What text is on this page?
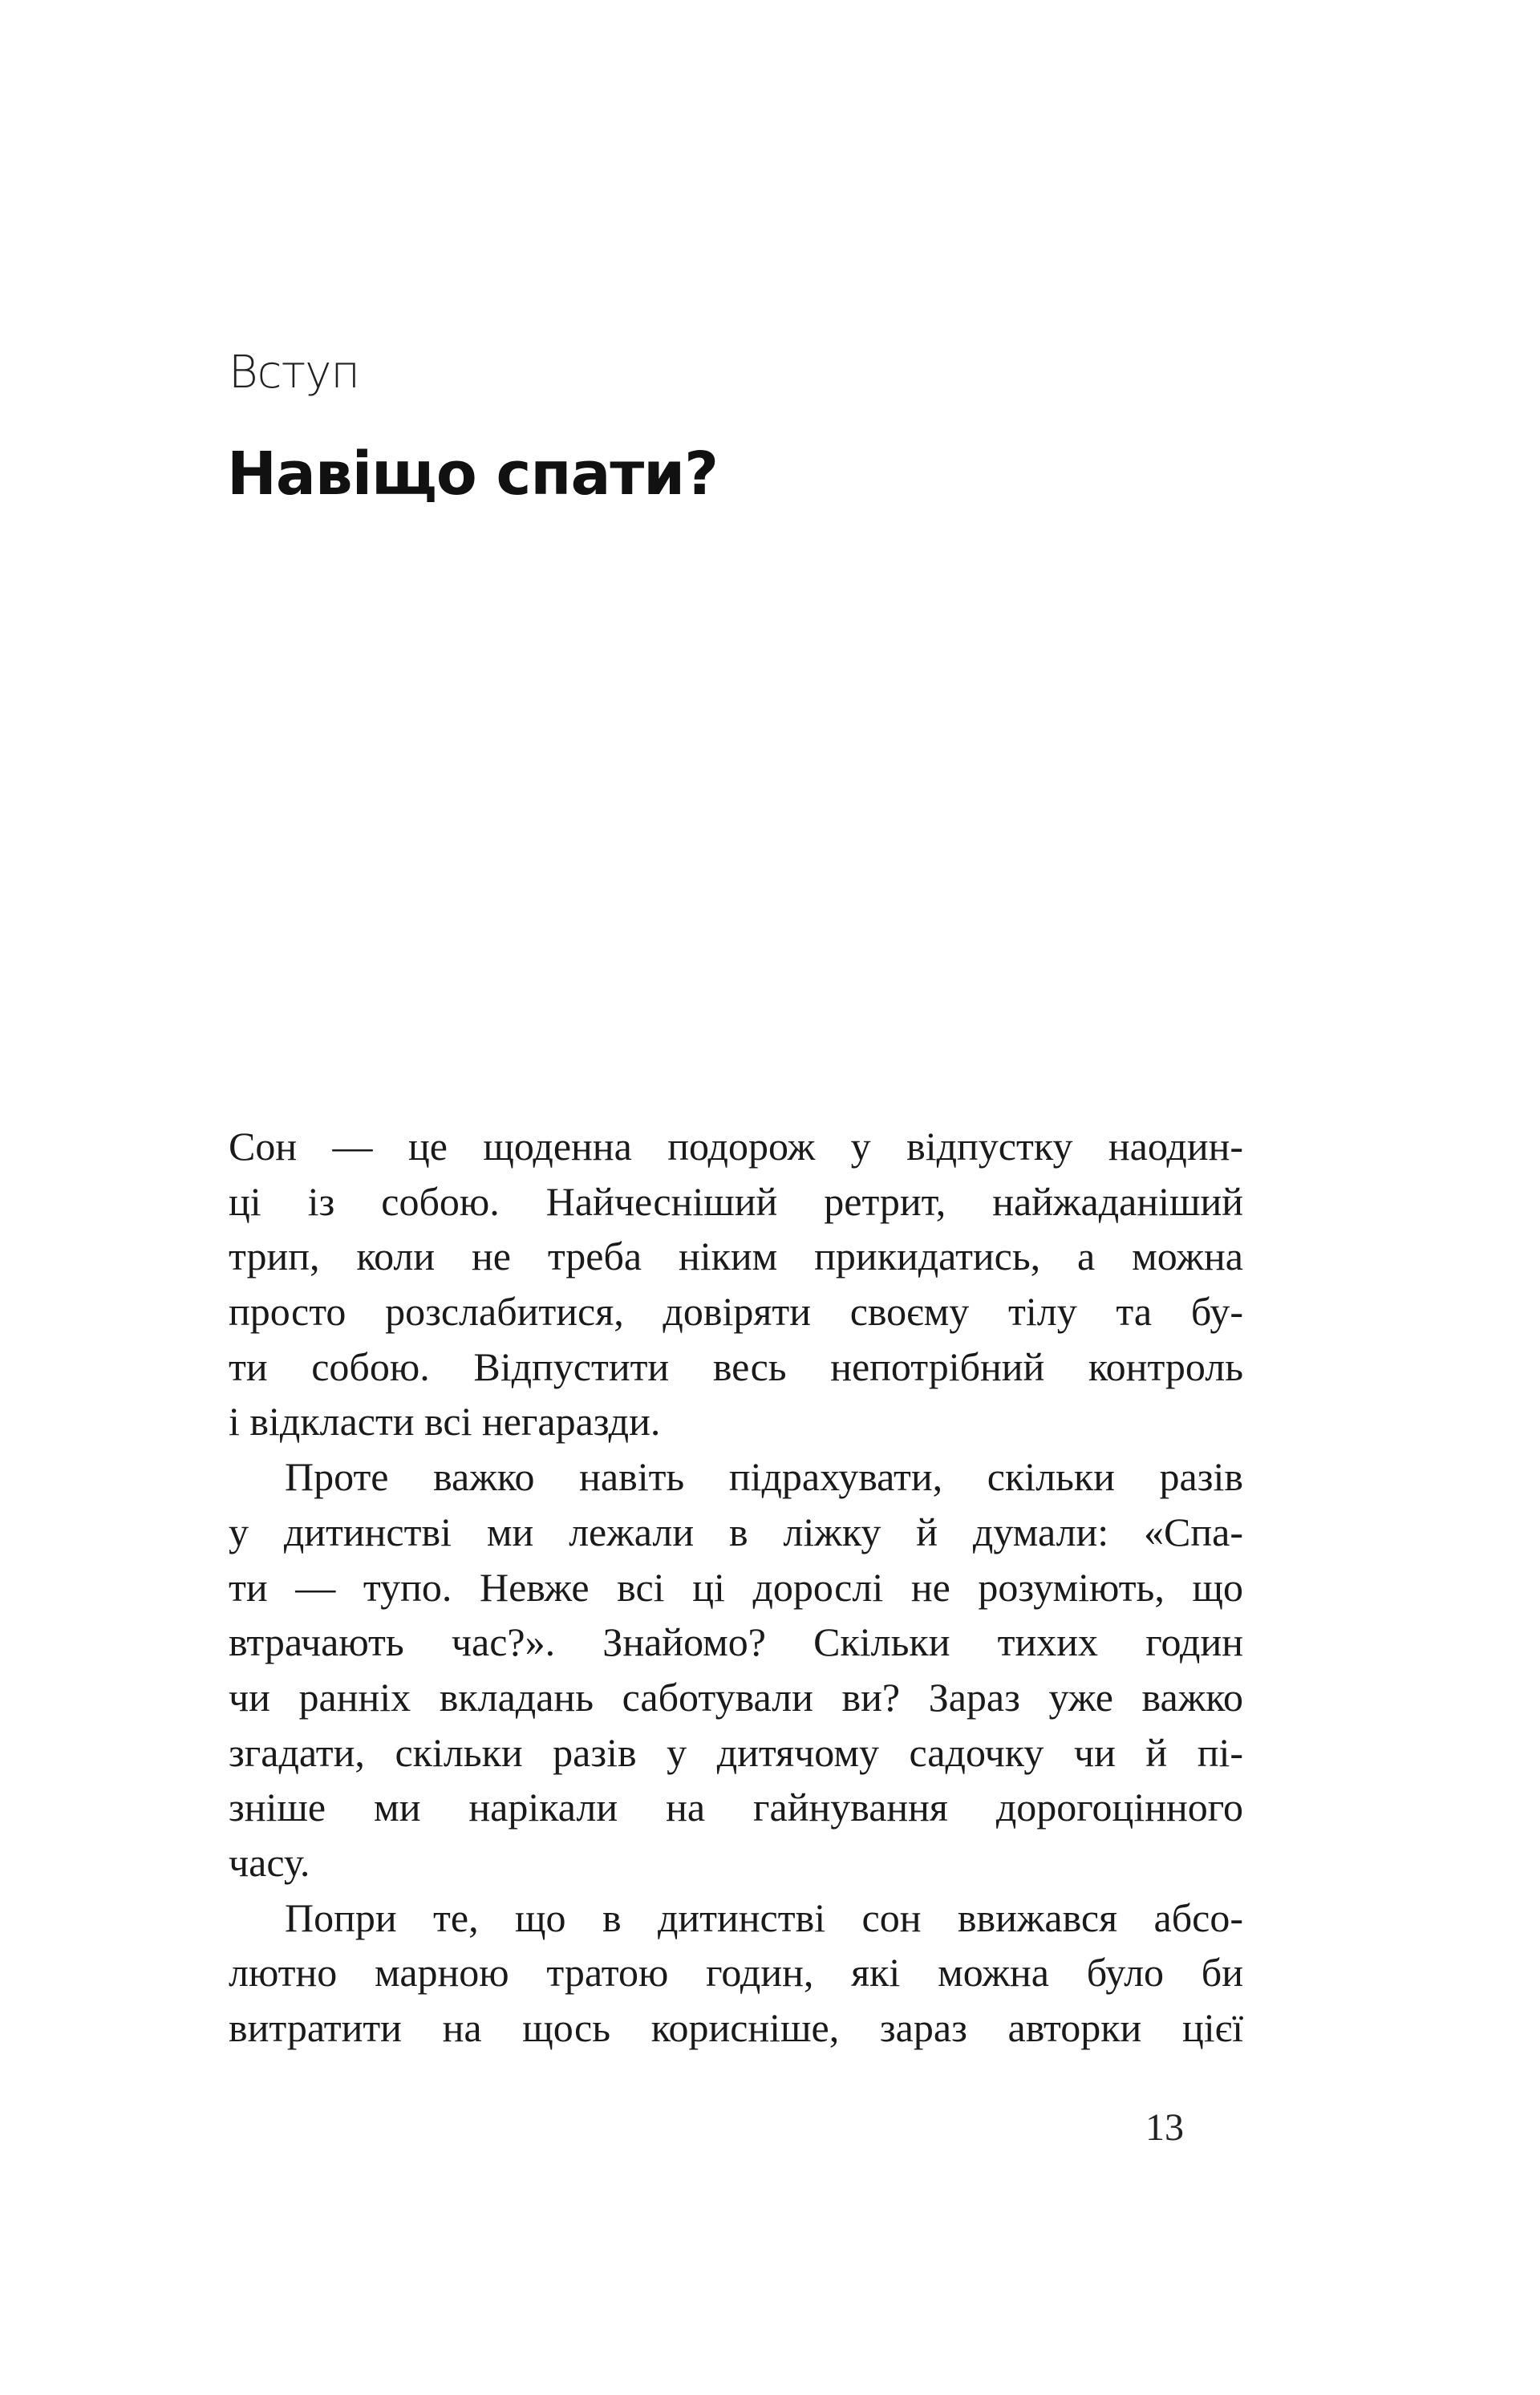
Вступ
Навіщо спати?
Сон — це щоденна подорож у відпустку наодин-
ці із собою. Найчесніший ретрит, найжаданіший
трип, коли не треба ніким прикидатись, а можна
просто розслабитися, довіряти своєму тілу та бу-
ти собою. Відпустити весь непотрібний контроль
і відкласти всі негаразди.
Проте важко навіть підрахувати, скільки разів
у дитинстві ми лежали в ліжку й думали: «Спа-
ти — тупо. Невже всі ці дорослі не розуміють, що
втрачають час?». Знайомо? Скільки тихих годин
чи ранніх вкладань саботували ви? Зараз уже важко
згадати, скільки разів у дитячому садочку чи й пі-
зніше ми нарікали на гайнування дорогоцінного
часу.
Попри те, що в дитинстві сон ввижався абсо-
лютно марною тратою годин, які можна було би
витратити на щось корисніше, зараз авторки цієї
13
